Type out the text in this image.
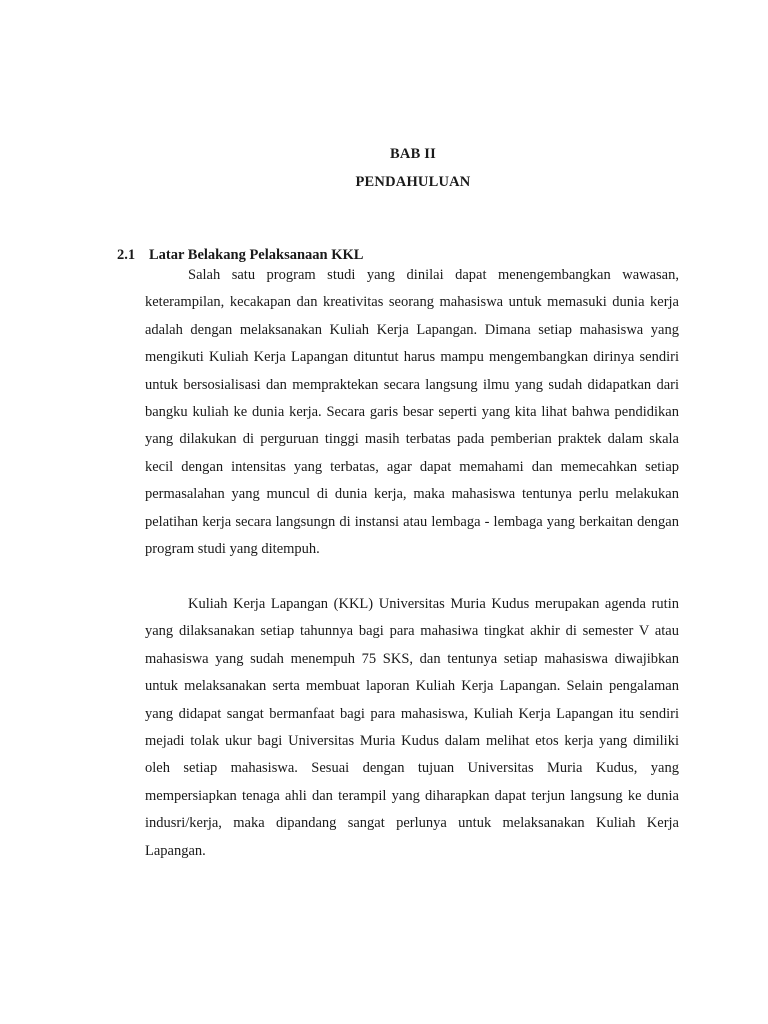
BAB II
PENDAHULUAN
2.1 Latar Belakang Pelaksanaan KKL

Salah satu program studi yang dinilai dapat menengembangkan wawasan, keterampilan, kecakapan dan kreativitas seorang mahasiswa untuk memasuki dunia kerja adalah dengan melaksanakan Kuliah Kerja Lapangan. Dimana setiap mahasiswa yang mengikuti Kuliah Kerja Lapangan dituntut harus mampu mengembangkan dirinya sendiri untuk bersosialisasi dan mempraktekan secara langsung ilmu yang sudah didapatkan dari bangku kuliah ke dunia kerja. Secara garis besar seperti yang kita lihat bahwa pendidikan yang dilakukan di perguruan tinggi masih terbatas pada pemberian praktek dalam skala kecil dengan intensitas yang terbatas, agar dapat memahami dan memecahkan setiap permasalahan yang muncul di dunia kerja, maka mahasiswa tentunya perlu melakukan pelatihan kerja secara langsungn di instansi atau lembaga - lembaga yang berkaitan dengan program studi yang ditempuh.

Kuliah Kerja Lapangan (KKL) Universitas Muria Kudus merupakan agenda rutin yang dilaksanakan setiap tahunnya bagi para mahasiwa tingkat akhir di semester V atau mahasiswa yang sudah menempuh 75 SKS, dan tentunya setiap mahasiswa diwajibkan untuk melaksanakan serta membuat laporan Kuliah Kerja Lapangan. Selain pengalaman yang didapat sangat bermanfaat bagi para mahasiswa, Kuliah Kerja Lapangan itu sendiri mejadi tolak ukur bagi Universitas Muria Kudus dalam melihat etos kerja yang dimiliki oleh setiap mahasiswa. Sesuai dengan tujuan Universitas Muria Kudus, yang mempersiapkan tenaga ahli dan terampil yang diharapkan dapat terjun langsung ke dunia indusri/kerja, maka dipandang sangat perlunya untuk melaksanakan Kuliah Kerja Lapangan.
